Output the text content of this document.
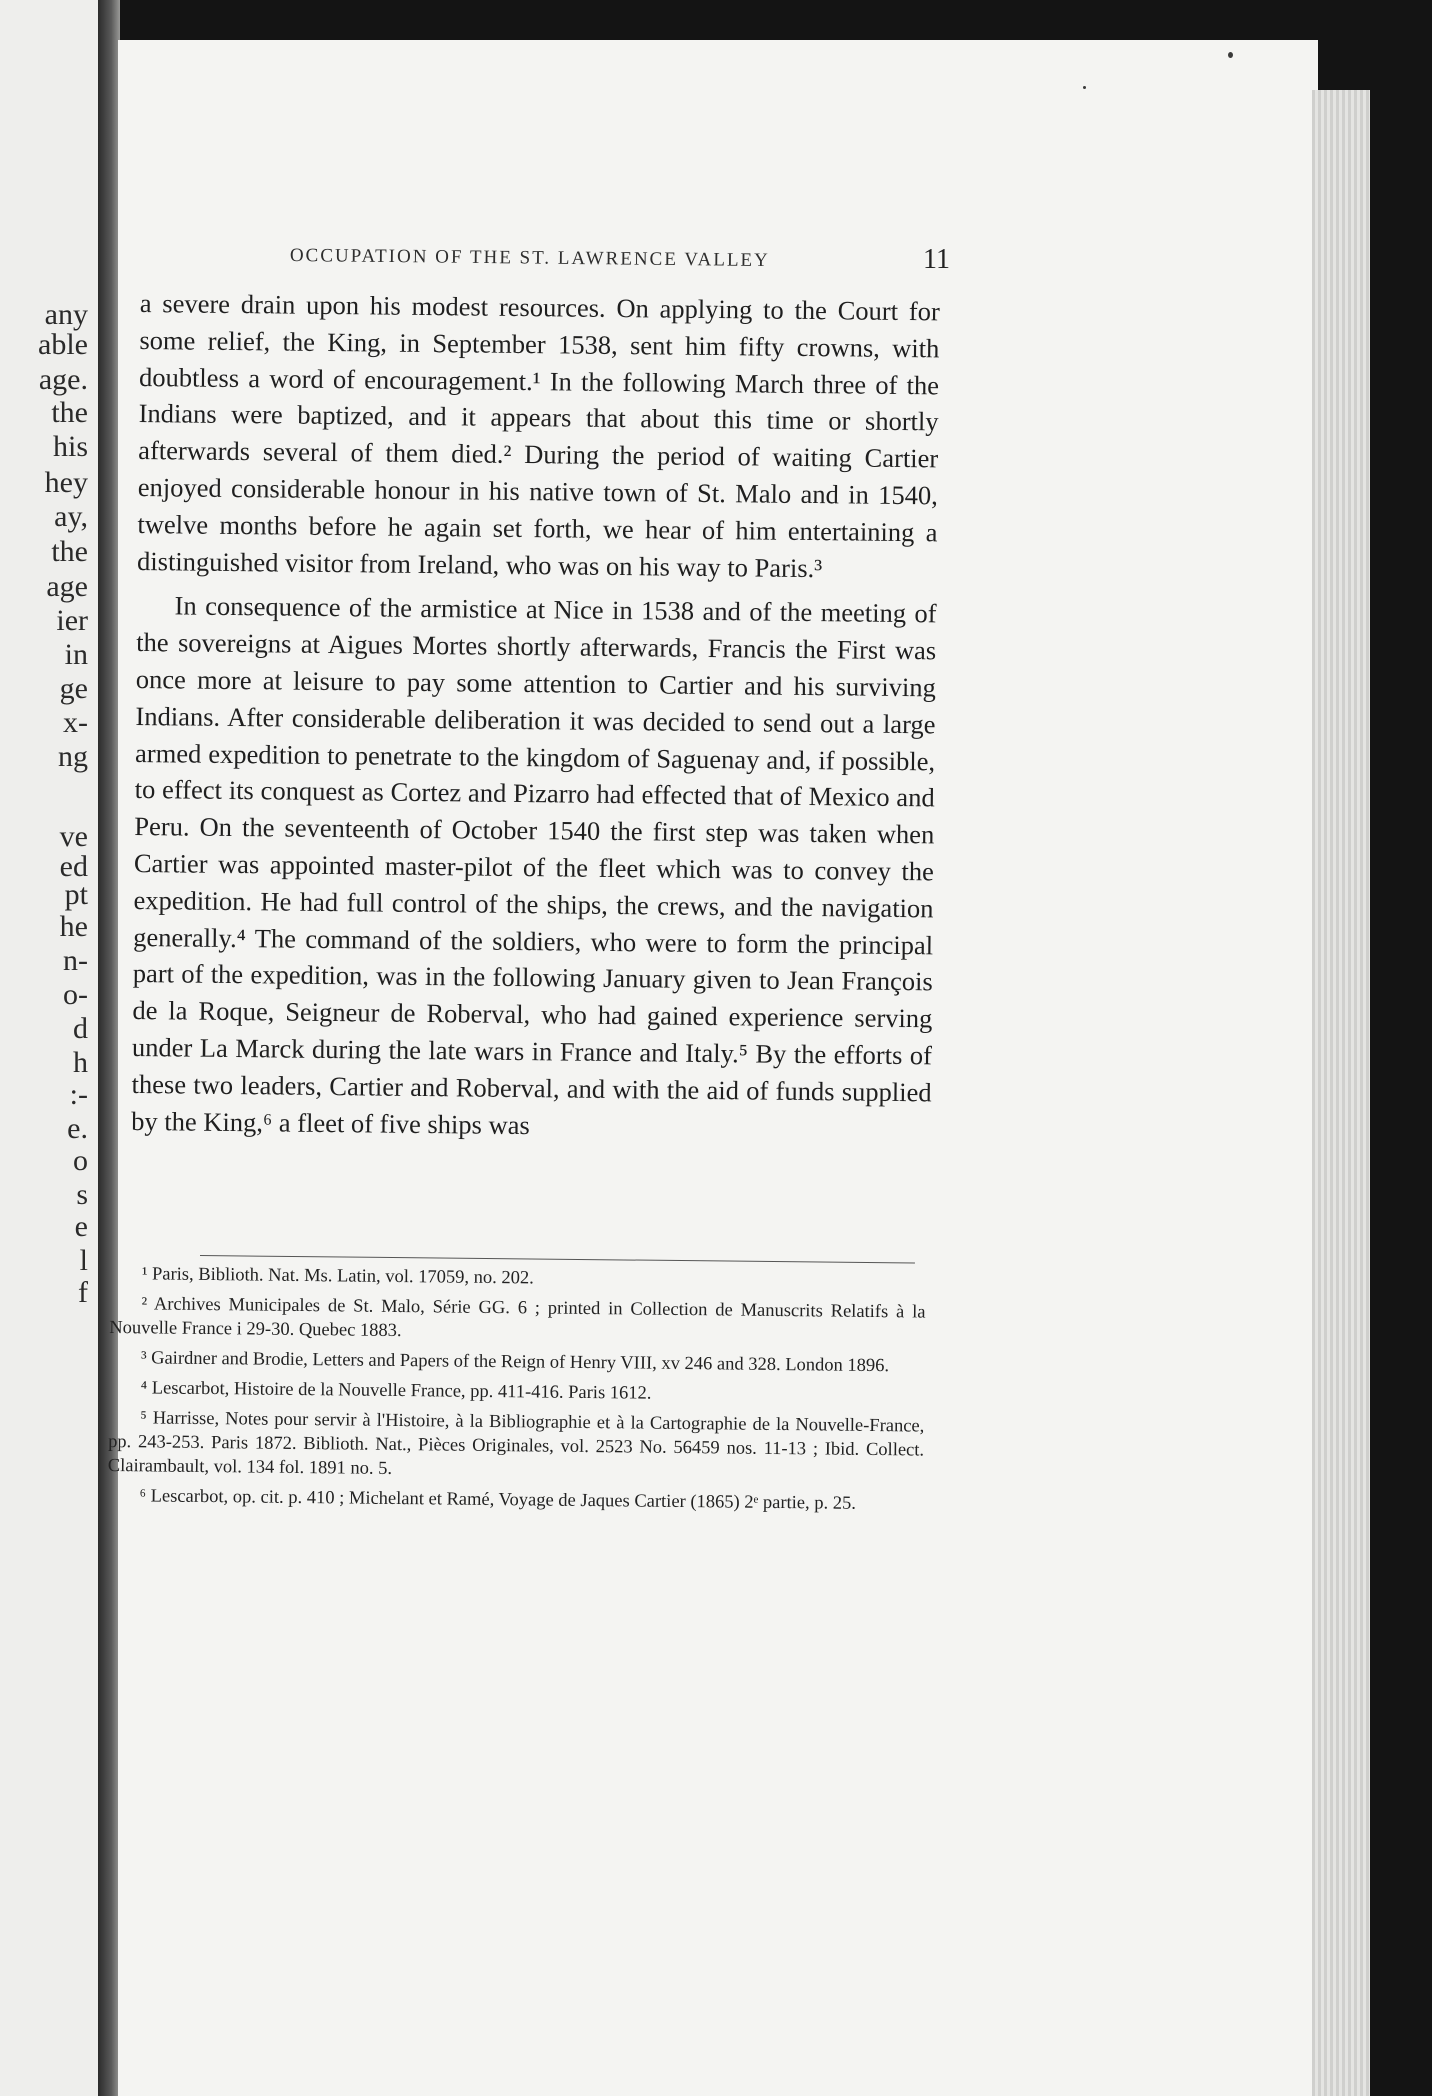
any
able
age.
the
his
hey
ay,
the
age
ier
in
ge
x-
ng
ve
ed
pt
he
n-
o-
d
h
:-
e.
o
s
e
l
f
OCCUPATION OF THE ST. LAWRENCE VALLEY	11

a severe drain upon his modest resources. On applying to the Court for some relief, the King, in September 1538, sent him fifty crowns, with doubtless a word of encouragement.¹ In the following March three of the Indians were baptized, and it appears that about this time or shortly afterwards several of them died.² During the period of waiting Cartier enjoyed considerable honour in his native town of St. Malo and in 1540, twelve months before he again set forth, we hear of him entertaining a distinguished visitor from Ireland, who was on his way to Paris.³

In consequence of the armistice at Nice in 1538 and of the meeting of the sovereigns at Aigues Mortes shortly afterwards, Francis the First was once more at leisure to pay some attention to Cartier and his surviving Indians. After considerable deliberation it was decided to send out a large armed expedition to penetrate to the kingdom of Saguenay and, if possible, to effect its conquest as Cortez and Pizarro had effected that of Mexico and Peru. On the seventeenth of October 1540 the first step was taken when Cartier was appointed master-pilot of the fleet which was to convey the expedition. He had full control of the ships, the crews, and the navigation generally.⁴ The command of the soldiers, who were to form the principal part of the expedition, was in the following January given to Jean François de la Roque, Seigneur de Roberval, who had gained experience serving under La Marck during the late wars in France and Italy.⁵ By the efforts of these two leaders, Cartier and Roberval, and with the aid of funds supplied by the King,⁶ a fleet of five ships was

¹ Paris, Biblioth. Nat. Ms. Latin, vol. 17059, no. 202.

² Archives Municipales de St. Malo, Série GG. 6 ; printed in Collection de Manuscrits Relatifs à la Nouvelle France i 29-30. Quebec 1883.

³ Gairdner and Brodie, Letters and Papers of the Reign of Henry VIII, xv 246 and 328. London 1896.

⁴ Lescarbot, Histoire de la Nouvelle France, pp. 411-416. Paris 1612.

⁵ Harrisse, Notes pour servir à l'Histoire, à la Bibliographie et à la Cartographie de la Nouvelle-France, pp. 243-253. Paris 1872. Biblioth. Nat., Pièces Originales, vol. 2523 No. 56459 nos. 11-13 ; Ibid. Collect. Clairambault, vol. 134 fol. 1891 no. 5.

⁶ Lescarbot, op. cit. p. 410 ; Michelant et Ramé, Voyage de Jaques Cartier (1865) 2ᵉ partie, p. 25.
